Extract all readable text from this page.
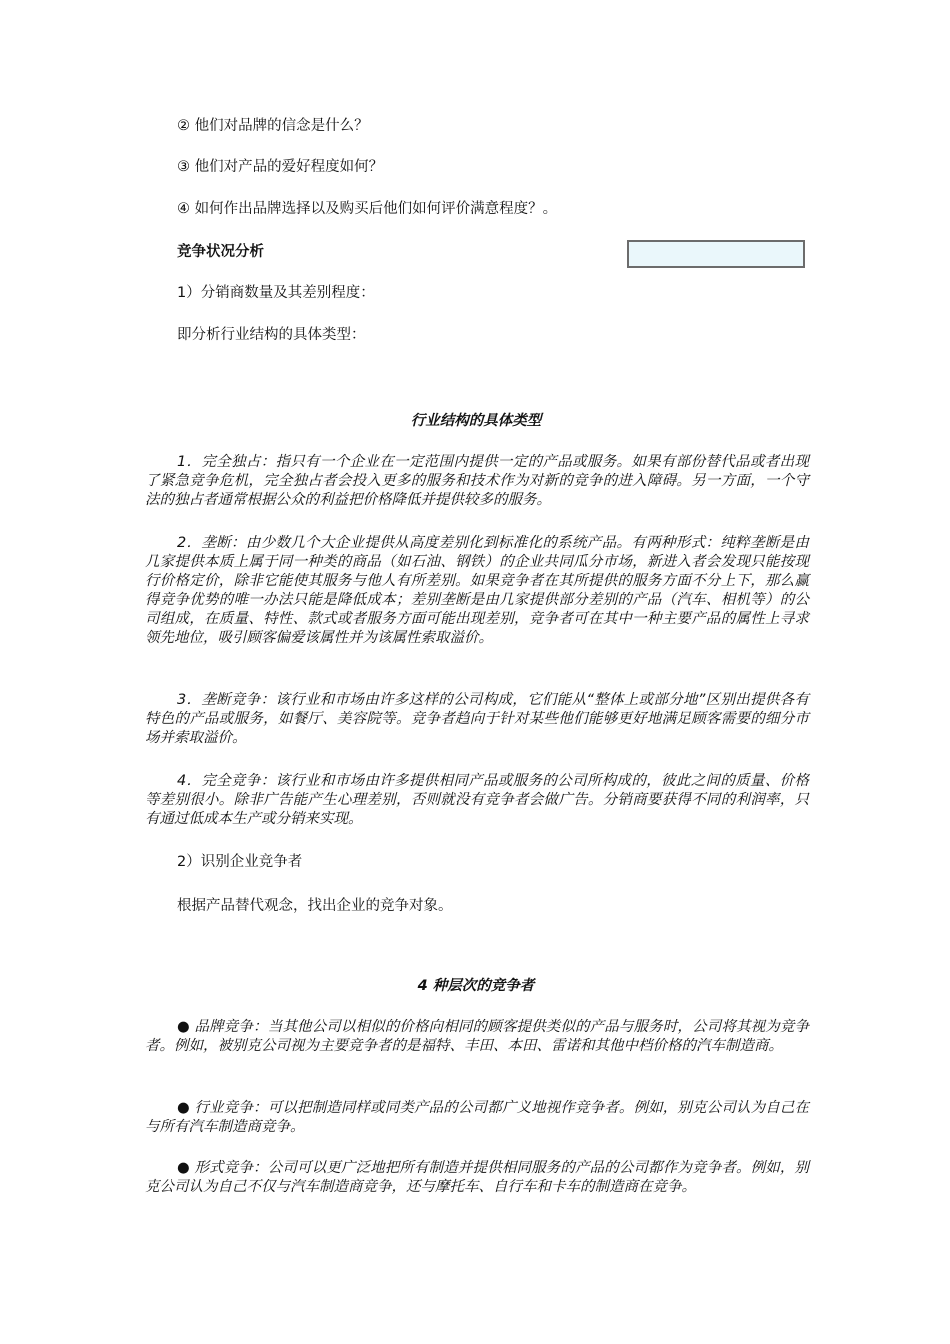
② 他们对品牌的信念是什么？
③ 他们对产品的爱好程度如何？
④ 如何作出品牌选择以及购买后他们如何评价满意程度？。
竞争状况分析
1）分销商数量及其差别程度：
即分析行业结构的具体类型：
行业结构的具体类型
1．完全独占：指只有一个企业在一定范围内提供一定的产品或服务。如果有部份替代品或者出现了紧急竞争危机，完全独占者会投入更多的服务和技术作为对新的竞争的进入障碍。另一方面，一个守法的独占者通常根据公众的利益把价格降低并提供较多的服务。
2．垄断：由少数几个大企业提供从高度差别化到标准化的系统产品。有两种形式：纯粹垄断是由几家提供本质上属于同一种类的商品（如石油、钢铁）的企业共同瓜分市场，新进入者会发现只能按现行价格定价，除非它能使其服务与他人有所差别。如果竞争者在其所提供的服务方面不分上下，那么赢得竞争优势的唯一办法只能是降低成本；差别垄断是由几家提供部分差别的产品（汽车、相机等）的公司组成，在质量、特性、款式或者服务方面可能出现差别，竞争者可在其中一种主要产品的属性上寻求领先地位，吸引顾客偏爱该属性并为该属性索取溢价。
3．垄断竞争：该行业和市场由许多这样的公司构成，它们能从“整体上或部分地”区别出提供各有特色的产品或服务，如餐厅、美容院等。竞争者趋向于针对某些他们能够更好地满足顾客需要的细分市场并索取溢价。
4．完全竞争：该行业和市场由许多提供相同产品或服务的公司所构成的，彼此之间的质量、价格等差别很小。除非广告能产生心理差别，否则就没有竞争者会做广告。分销商要获得不同的利润率，只有通过低成本生产或分销来实现。
2）识别企业竞争者
根据产品替代观念，找出企业的竞争对象。
4 种层次的竞争者
● 品牌竞争：当其他公司以相似的价格向相同的顾客提供类似的产品与服务时，公司将其视为竞争者。例如，被别克公司视为主要竞争者的是福特、丰田、本田、雷诺和其他中档价格的汽车制造商。
● 行业竞争：可以把制造同样或同类产品的公司都广义地视作竞争者。例如，别克公司认为自己在与所有汽车制造商竞争。
● 形式竞争：公司可以更广泛地把所有制造并提供相同服务的产品的公司都作为竞争者。例如，别克公司认为自己不仅与汽车制造商竞争，还与摩托车、自行车和卡车的制造商在竞争。
